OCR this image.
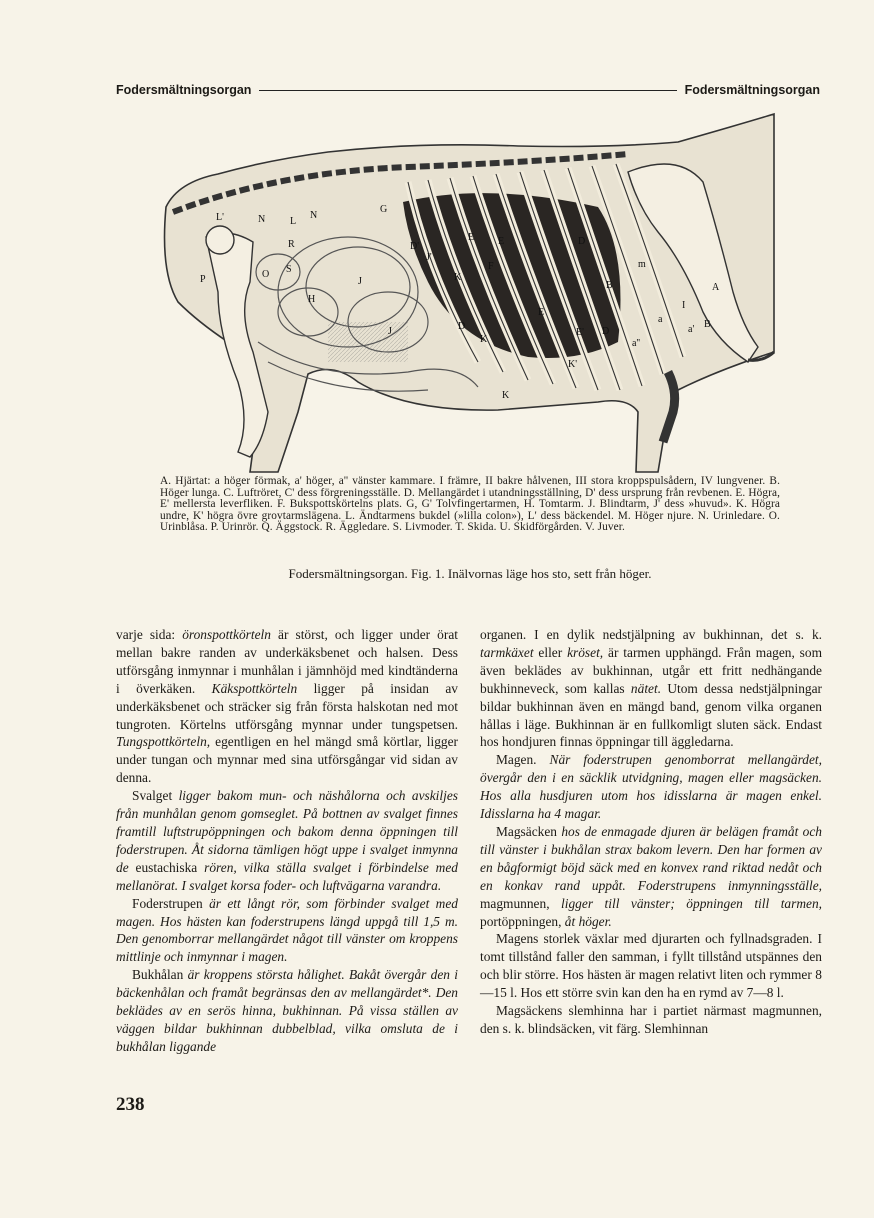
Fodersmältningsorgan	Fodersmältningsorgan
L'	N L
N
P	O
R
S
H
J
G
D'
J'
K
E E
F
E
E' D
D
K
K
K'
a''
a
m
B
B
A
I
a'
D
J
A. Hjärtat: a höger förmak, a' höger, a'' vänster kammare. I främre, II bakre hålvenen, III stora kroppspulsådern, IV lungvener. B. Höger lunga. C. Luftröret, C' dess förgreningsställe. D. Mellangärdet i utandningsställning, D' dess ursprung från revbenen. E. Högra, E' mellersta leverfliken. F. Bukspottskörtelns plats. G, G' Tolvfingertarmen, H. Tomtarm. J. Blindtarm, J' dess »huvud». K. Högra undre, K' högra övre grovtarmslägena. L. Ändtarmens bukdel (»lilla colon»), L' dess bäckendel. M. Höger njure. N. Urinledare. O. Urinblåsa. P. Urinrör. Q. Äggstock. R. Äggledare. S. Livmoder. T. Skida. U. Skidförgården. V. Juver.
Fodersmältningsorgan. Fig. 1. Inälvornas läge hos sto, sett från höger.

varje sida: öronspottkörteln är störst, och ligger under örat mellan bakre randen av underkäksbenet och halsen. Dess utförsgång inmynnar i munhålan i jämnhöjd med kindtänderna i överkäken. Käkspottkörteln ligger på insidan av underkäksbenet och sträcker sig från första halskotan ned mot tungroten. Körtelns utförsgång mynnar under tungspetsen. Tungspottkörteln, egentligen en hel mängd små körtlar, ligger under tungan och mynnar med sina utförsgångar vid sidan av denna.

Svalget ligger bakom mun- och näshålorna och avskiljes från munhålan genom gomseglet. På bottnen av svalget finnes framtill luftstrupöppningen och bakom denna öppningen till foderstrupen. Åt sidorna tämligen högt uppe i svalget inmynna de eustachiska rören, vilka ställa svalget i förbindelse med mellanörat. I svalget korsa foder- och luftvägarna varandra.

Foderstrupen är ett långt rör, som förbinder svalget med magen. Hos hästen kan foderstrupens längd uppgå till 1,5 m. Den genomborrar mellangärdet något till vänster om kroppens mittlinje och inmynnar i magen.

Bukhålan är kroppens största hålighet. Bakåt övergår den i bäckenhålan och framåt begränsas den av mellangärdet*. Den beklädes av en serös hinna, bukhinnan. På vissa ställen av väggen bildar bukhinnan dubbelblad, vilka omsluta de i bukhålan liggande

organen. I en dylik nedstjälpning av bukhinnan, det s. k. tarmkäxet eller kröset, är tarmen upphängd. Från magen, som även beklädes av bukhinnan, utgår ett fritt nedhängande bukhinneveck, som kallas nätet. Utom dessa nedstjälpningar bildar bukhinnan även en mängd band, genom vilka organen hållas i läge. Bukhinnan är en fullkomligt sluten säck. Endast hos hondjuren finnas öppningar till äggledarna.

Magen. När foderstrupen genomborrat mellangärdet, övergår den i en säcklik utvidgning, magen eller magsäcken. Hos alla husdjuren utom hos idisslarna är magen enkel. Idisslarna ha 4 magar.

Magsäcken hos de enmagade djuren är belägen framåt och till vänster i bukhålan strax bakom levern. Den har formen av en bågformigt böjd säck med en konvex rand riktad nedåt och en konkav rand uppåt. Foderstrupens inmynningsställe, magmunnen, ligger till vänster; öppningen till tarmen, portöppningen, åt höger.

Magens storlek växlar med djurarten och fyllnadsgraden. I tomt tillstånd faller den samman, i fyllt tillstånd utspännes den och blir större. Hos hästen är magen relativt liten och rymmer 8—15 l. Hos ett större svin kan den ha en rymd av 7—8 l.

Magsäckens slemhinna har i partiet närmast magmunnen, den s. k. blindsäcken, vit färg. Slemhinnan

238
